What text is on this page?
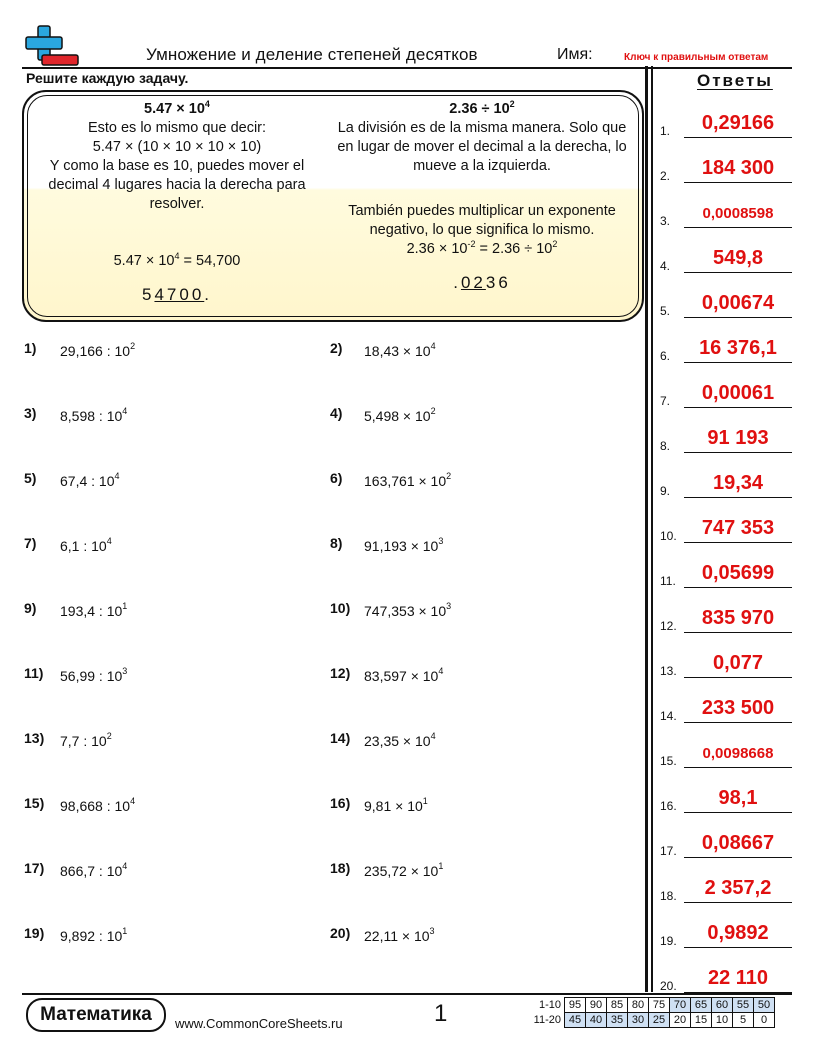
Умножение и деление степеней десятков	Имя:	Ключ к правильным ответам
Решите каждую задачу.	Ответы
$5.47 \times 10^4$
Esto es lo mismo que decir:
5.47 × (10 × 10 × 10 × 10)
Y como la base es 10, puedes mover el
decimal 4 lugares hacia la derecha para
resolver.
$5.47 \times 10^4 = 54,700$
54700.
$2.36 \div 10^2$
La división es de la misma manera. Solo que
en lugar de mover el decimal a la derecha, lo
mueve a la izquierda.
También puedes multiplicar un exponente
negativo, lo que significa lo mismo.
$2.36 \times 10^{-2} = 2.36 \div 10^2$
.0236
1) 29,166 : $10^2$	2) $18,43 \times 10^4$
3) 8,598 : $10^4$	4) $5,498 \times 10^2$
5) 67,4 : $10^4$	6) $163,761 \times 10^2$
7) 6,1 : $10^4$	8) $91,193 \times 10^3$
9) 193,4 : $10^1$	10) $747,353 \times 10^3$
11) 56,99 : $10^3$	12) $83,597 \times 10^4$
13) 7,7 : $10^2$	14) $23,35 \times 10^4$
15) 98,668 : $10^4$	16) $9,81 \times 10^1$
17) 866,7 : $10^4$	18) $235,72 \times 10^1$
19) 9,892 : $10^1$	20) $22,11 \times 10^3$
1.	0,29166
2.	184 300
3.	0,0008598
4.	549,8
5.	0,00674
6.	16 376,1
7.	0,00061
8.	91 193
9.	19,34
10.	747 353
11.	0,05699
12.	835 970
13.	0,077
14.	233 500
15.	0,0098668
16.	98,1
17.	0,08667
18.	2 357,2
19.	0,9892
20.	22 110
Математика	www.CommonCoreSheets.ru	1	1-10	95	90	85	80	75	70	65	60	55	50
11-20	45	40	35	30	25	20	15	10	5	0
